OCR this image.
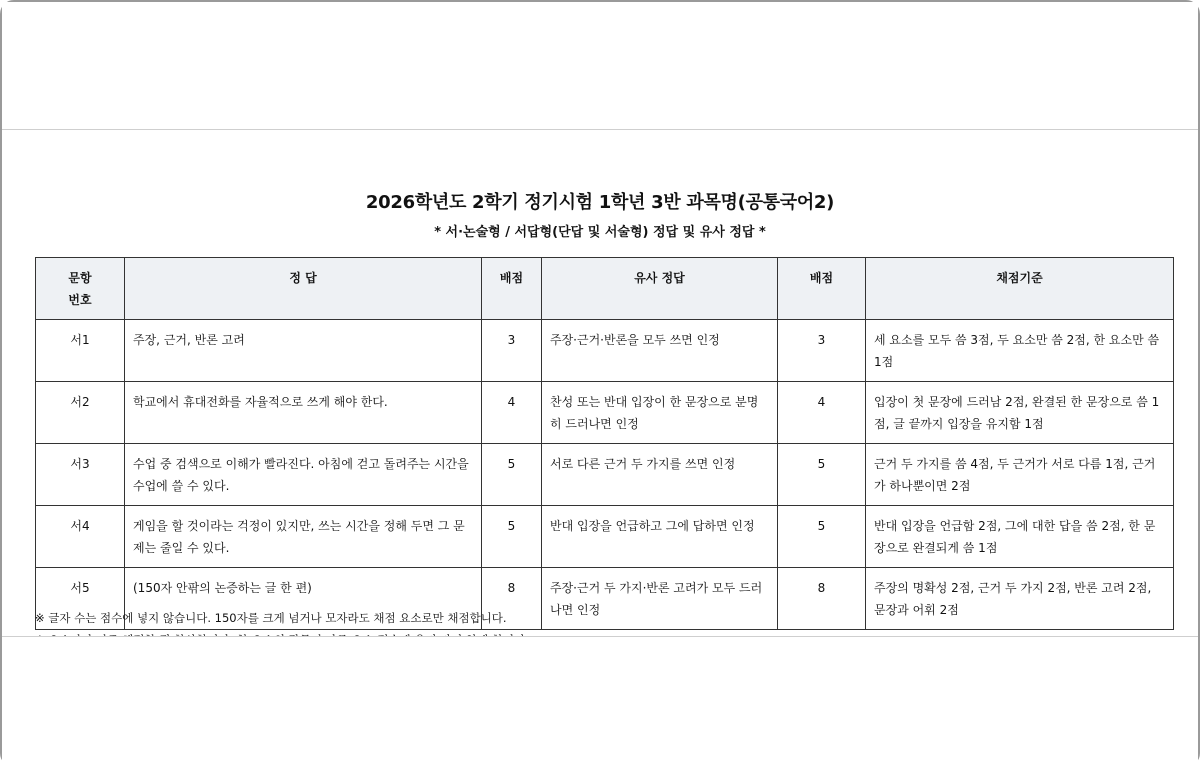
2026학년도 2학기 정기시험 1학년 3반 과목명(공통국어2)
* 서·논술형 / 서답형(단답 및 서술형) 정답 및 유사 정답 *
문항
번호	정 답	배점	유사 정답	배점	채점기준
서1	주장, 근거, 반론 고려	3	주장·근거·반론을 모두 쓰면 인정	3	세 요소를 모두 씀 3점, 두 요소만 씀 2점, 한 요소만 씀 1점
서2	학교에서 휴대전화를 자율적으로 쓰게 해야 한다.	4	찬성 또는 반대 입장이 한 문장으로 분명히 드러나면 인정	4	입장이 첫 문장에 드러남 2점, 완결된 한 문장으로 씀 1점, 글 끝까지 입장을 유지함 1점
서3	수업 중 검색으로 이해가 빨라진다. 아침에 걷고 돌려주는 시간을 수업에 쓸 수 있다.	5	서로 다른 근거 두 가지를 쓰면 인정	5	근거 두 가지를 씀 4점, 두 근거가 서로 다름 1점, 근거가 하나뿐이면 2점
서4	게임을 할 것이라는 걱정이 있지만, 쓰는 시간을 정해 두면 그 문제는 줄일 수 있다.	5	반대 입장을 언급하고 그에 답하면 인정	5	반대 입장을 언급함 2점, 그에 대한 답을 씀 2점, 한 문장으로 완결되게 씀 1점
서5	(150자 안팎의 논증하는 글 한 편)	8	주장·근거 두 가지·반론 고려가 모두 드러나면 인정	8	주장의 명확성 2점, 근거 두 가지 2점, 반론 고려 2점, 문장과 어휘 2점
※ 글자 수는 점수에 넣지 않습니다. 150자를 크게 넘거나 모자라도 채점 요소로만 채점합니다.
